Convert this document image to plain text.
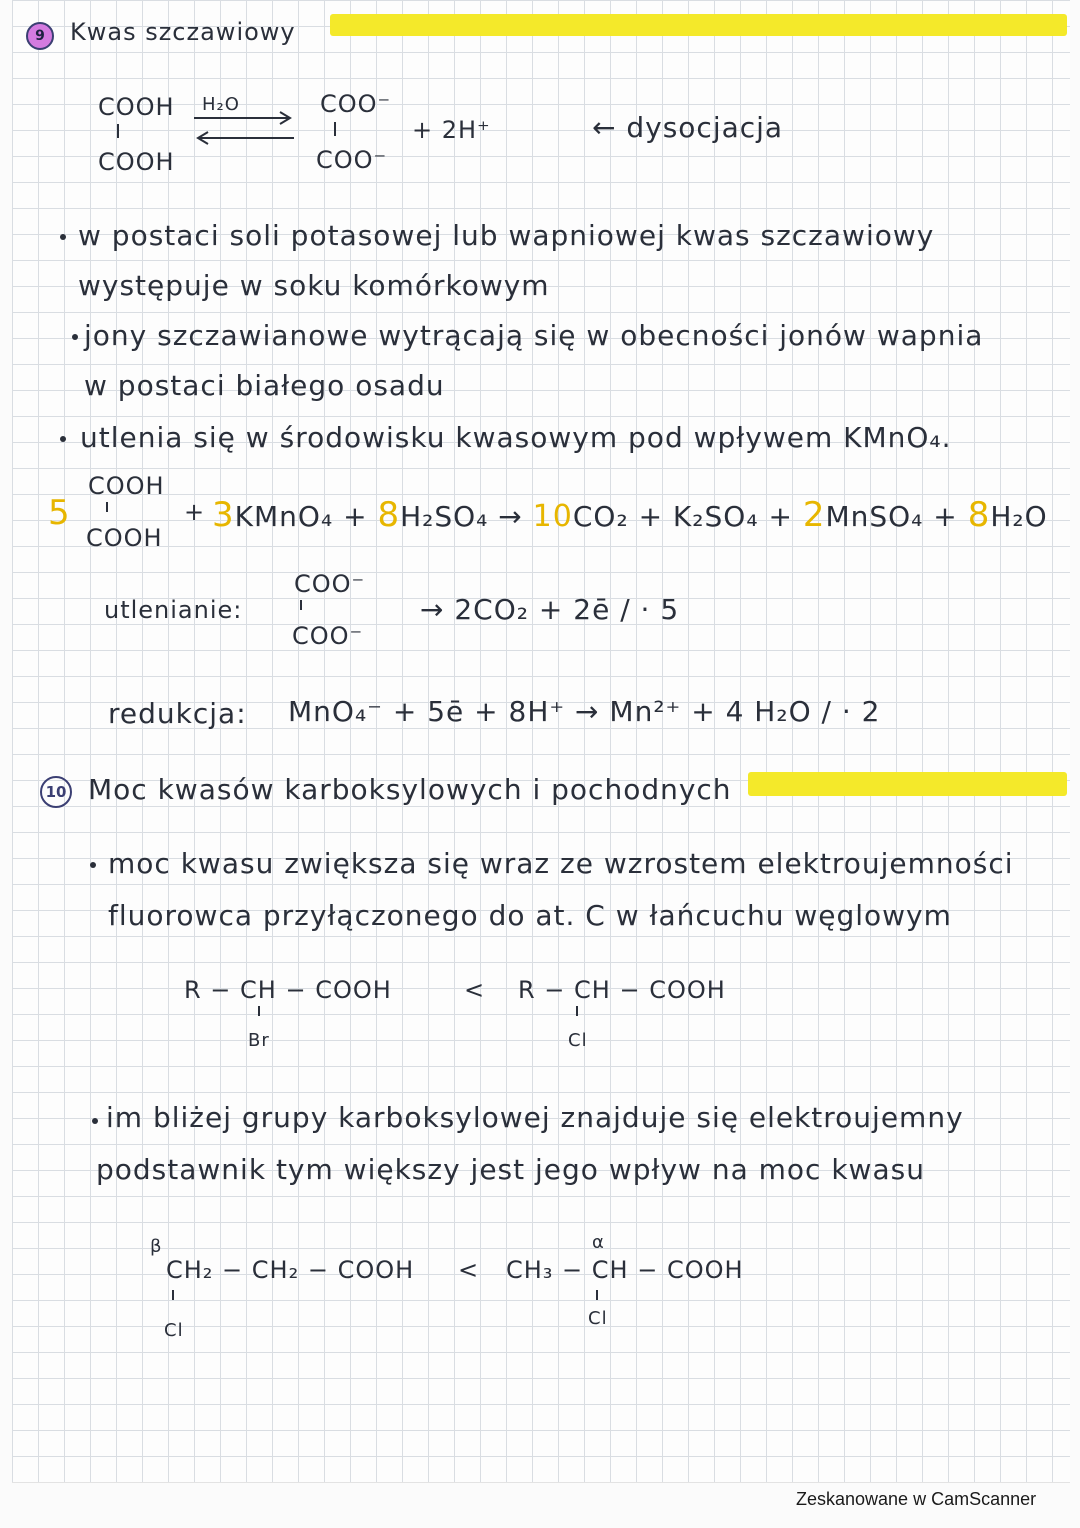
9	Kwas szczawiowy
COOH
COOH
H₂O	COO⁻
COO⁻
+ 2H⁺	← dysocjacja
w postaci soli potasowej lub wapniowej kwas szczawiowy
występuje w soku komórkowym
jony szczawianowe wytrącają się w obecności jonów wapnia
w postaci białego osadu
utlenia się w środowisku kwasowym pod wpływem KMnO₄.
5
COOH
COOH
+ 3KMnO₄ + 8H₂SO₄ → 10CO₂ + K₂SO₄ + 2MnSO₄ + 8H₂O
utlenianie:
COO⁻
COO⁻
→ 2CO₂ + 2ē / · 5
redukcja: MnO₄⁻ + 5ē + 8H⁺ → Mn²⁺ + 4 H₂O / · 2
10 Moc kwasów karboksylowych i pochodnych
moc kwasu zwiększa się wraz ze wzrostem elektroujemności
fluorowca przyłączonego do at. C w łańcuchu węglowym
R − CH − COOH
Br
< R − CH − COOH
Cl
im bliżej grupy karboksylowej znajduje się elektroujemny
podstawnik tym większy jest jego wpływ na moc kwasu
β
CH₂ − CH₂ − COOH
Cl
<
α
CH₃ − CH − COOH
Cl
Zeskanowane w CamScanner
